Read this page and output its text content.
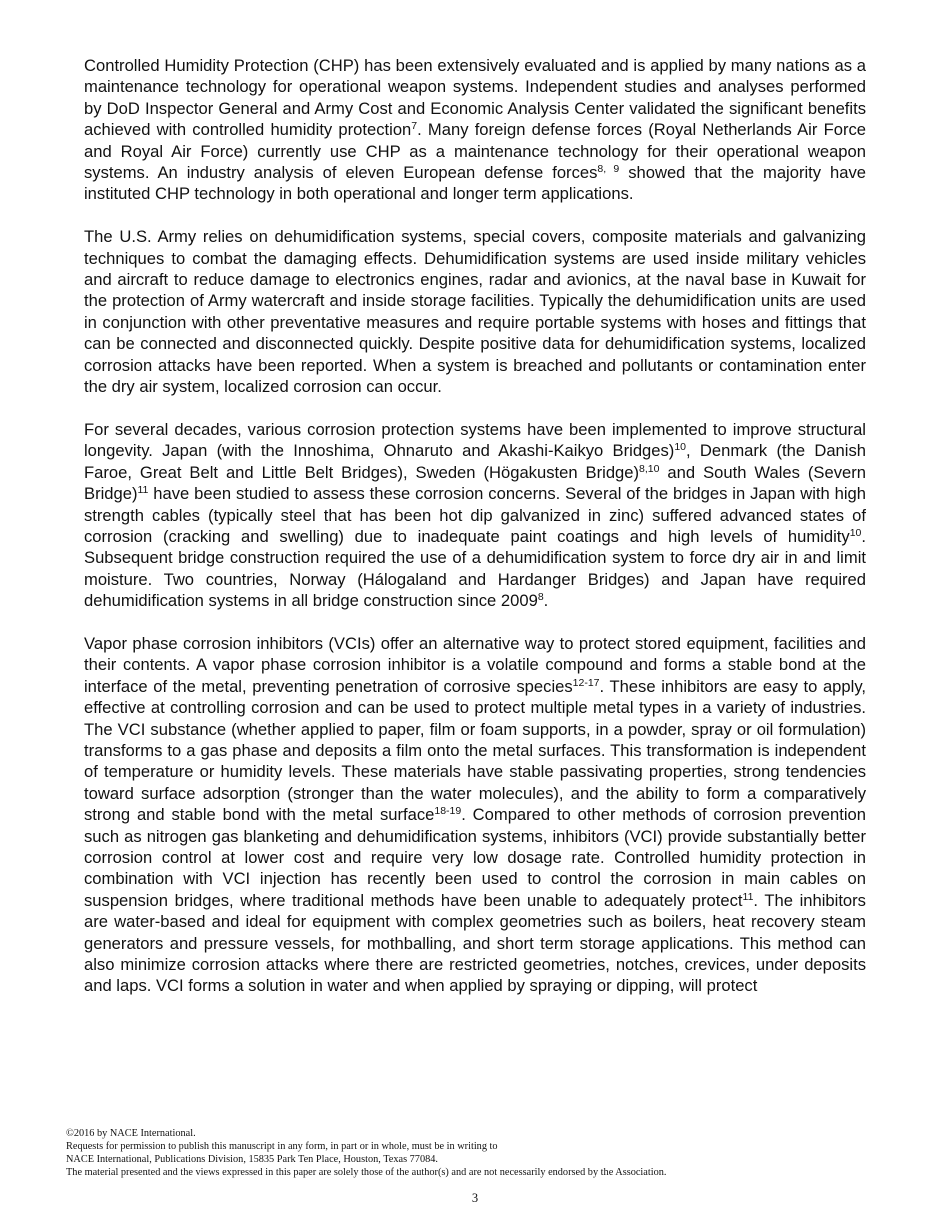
Controlled Humidity Protection (CHP) has been extensively evaluated and is applied by many nations as a maintenance technology for operational weapon systems. Independent studies and analyses performed by DoD Inspector General and Army Cost and Economic Analysis Center validated the significant benefits achieved with controlled humidity protection$^7$. Many foreign defense forces (Royal Netherlands Air Force and Royal Air Force) currently use CHP as a maintenance technology for their operational weapon systems. An industry analysis of eleven European defense forces$^{8, 9}$ showed that the majority have instituted CHP technology in both operational and longer term applications.

The U.S. Army relies on dehumidification systems, special covers, composite materials and galvanizing techniques to combat the damaging effects. Dehumidification systems are used inside military vehicles and aircraft to reduce damage to electronics engines, radar and avionics, at the naval base in Kuwait for the protection of Army watercraft and inside storage facilities. Typically the dehumidification units are used in conjunction with other preventative measures and require portable systems with hoses and fittings that can be connected and disconnected quickly. Despite positive data for dehumidification systems, localized corrosion attacks have been reported. When a system is breached and pollutants or contamination enter the dry air system, localized corrosion can occur.

For several decades, various corrosion protection systems have been implemented to improve structural longevity. Japan (with the Innoshima, Ohnaruto and Akashi-Kaikyo Bridges)$^{10}$, Denmark (the Danish Faroe, Great Belt and Little Belt Bridges), Sweden (Högakusten Bridge)$^{8,10}$ and South Wales (Severn Bridge)$^{11}$ have been studied to assess these corrosion concerns. Several of the bridges in Japan with high strength cables (typically steel that has been hot dip galvanized in zinc) suffered advanced states of corrosion (cracking and swelling) due to inadequate paint coatings and high levels of humidity$^{10}$. Subsequent bridge construction required the use of a dehumidification system to force dry air in and limit moisture. Two countries, Norway (Hálogaland and Hardanger Bridges) and Japan have required dehumidification systems in all bridge construction since 2009$^8$.

Vapor phase corrosion inhibitors (VCIs) offer an alternative way to protect stored equipment, facilities and their contents. A vapor phase corrosion inhibitor is a volatile compound and forms a stable bond at the interface of the metal, preventing penetration of corrosive species$^{12-17}$. These inhibitors are easy to apply, effective at controlling corrosion and can be used to protect multiple metal types in a variety of industries. The VCI substance (whether applied to paper, film or foam supports, in a powder, spray or oil formulation) transforms to a gas phase and deposits a film onto the metal surfaces. This transformation is independent of temperature or humidity levels. These materials have stable passivating properties, strong tendencies toward surface adsorption (stronger than the water molecules), and the ability to form a comparatively strong and stable bond with the metal surface$^{18-19}$. Compared to other methods of corrosion prevention such as nitrogen gas blanketing and dehumidification systems, inhibitors (VCI) provide substantially better corrosion control at lower cost and require very low dosage rate. Controlled humidity protection in combination with VCI injection has recently been used to control the corrosion in main cables on suspension bridges, where traditional methods have been unable to adequately protect$^{11}$. The inhibitors are water-based and ideal for equipment with complex geometries such as boilers, heat recovery steam generators and pressure vessels, for mothballing, and short term storage applications. This method can also minimize corrosion attacks where there are restricted geometries, notches, crevices, under deposits and laps. VCI forms a solution in water and when applied by spraying or dipping, will protect

©2016 by NACE International.
Requests for permission to publish this manuscript in any form, in part or in whole, must be in writing to
NACE International, Publications Division, 15835 Park Ten Place, Houston, Texas 77084.
The material presented and the views expressed in this paper are solely those of the author(s) and are not necessarily endorsed by the Association.
3
